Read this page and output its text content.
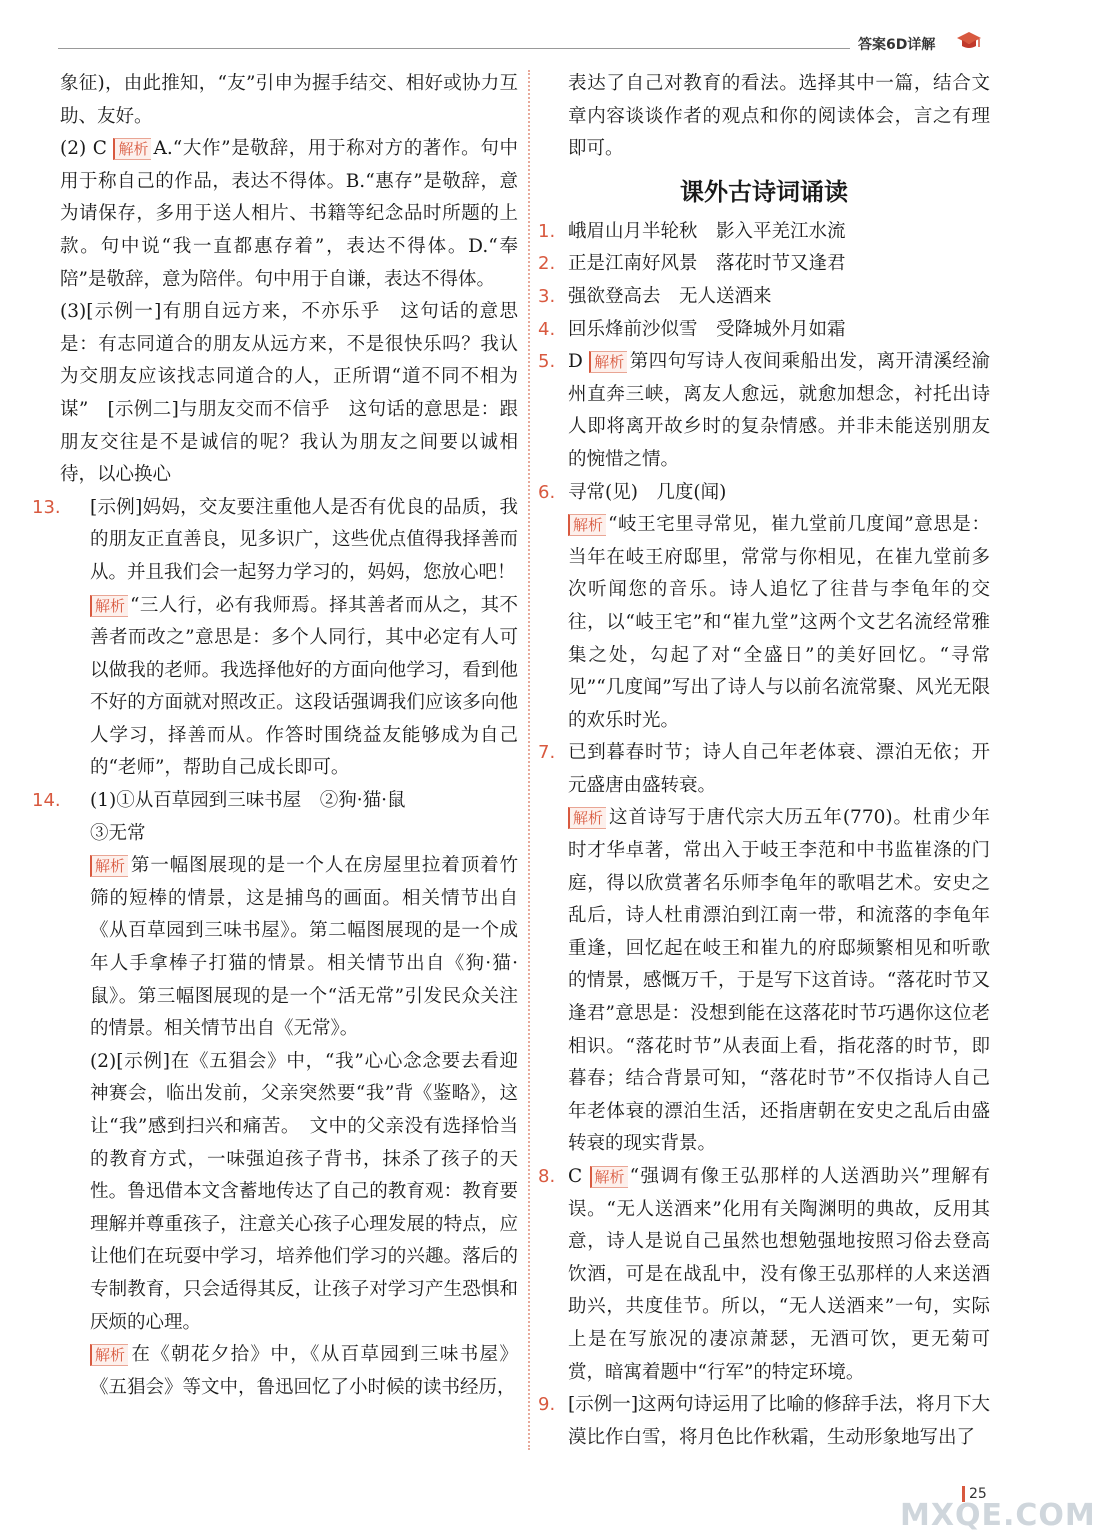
答案6D详解

象征)，由此推知，“友”引申为握手结交、相好或协力互助、友好。

(2) C 解析 A.“大作”是敬辞，用于称对方的著作。句中用于称自己的作品，表达不得体。B.“惠存”是敬辞，意为请保存，多用于送人相片、书籍等纪念品时所题的上款。句中说“我一直都惠存着”，表达不得体。D.“奉陪”是敬辞，意为陪伴。句中用于自谦，表达不得体。

(3)[示例一]有朋自远方来，不亦乐乎　这句话的意思是：有志同道合的朋友从远方来，不是很快乐吗？我认为交朋友应该找志同道合的人，正所谓“道不同不相为谋”　[示例二]与朋友交而不信乎　这句话的意思是：跟朋友交往是不是诚信的呢？我认为朋友之间要以诚相待，以心换心

13. [示例]妈妈，交友要注重他人是否有优良的品质，我的朋友正直善良，见多识广，这些优点值得我择善而从。并且我们会一起努力学习的，妈妈，您放心吧！

解析 “三人行，必有我师焉。择其善者而从之，其不善者而改之”意思是：多个人同行，其中必定有人可以做我的老师。我选择他好的方面向他学习，看到他不好的方面就对照改正。这段话强调我们应该多向他人学习，择善而从。作答时围绕益友能够成为自己的“老师”，帮助自己成长即可。

14. (1)①从百草园到三味书屋　②狗·猫·鼠
③无常

解析 第一幅图展现的是一个人在房屋里拉着顶着竹筛的短棒的情景，这是捕鸟的画面。相关情节出自《从百草园到三味书屋》。第二幅图展现的是一个成年人手拿棒子打猫的情景。相关情节出自《狗·猫·鼠》。第三幅图展现的是一个“活无常”引发民众关注的情景。相关情节出自《无常》。

(2)[示例]在《五猖会》中，“我”心心念念要去看迎神赛会，临出发前，父亲突然要“我”背《鉴略》，这让“我”感到扫兴和痛苦。　文中的父亲没有选择恰当的教育方式，一味强迫孩子背书，抹杀了孩子的天性。鲁迅借本文含蓄地传达了自己的教育观：教育要理解并尊重孩子，注意关心孩子心理发展的特点，应让他们在玩耍中学习，培养他们学习的兴趣。落后的专制教育，只会适得其反，让孩子对学习产生恐惧和厌烦的心理。

解析 在《朝花夕拾》中，《从百草园到三味书屋》《五猖会》等文中，鲁迅回忆了小时候的读书经历，

表达了自己对教育的看法。选择其中一篇，结合文章内容谈谈作者的观点和你的阅读体会，言之有理即可。

课外古诗词诵读
1. 峨眉山月半轮秋　影入平羌江水流
2. 正是江南好风景　落花时节又逢君
3. 强欲登高去　无人送酒来
4. 回乐烽前沙似雪　受降城外月如霜
5. D 解析 第四句写诗人夜间乘船出发，离开清溪经渝州直奔三峡，离友人愈远，就愈加想念，衬托出诗人即将离开故乡时的复杂情感。并非未能送别朋友的惋惜之情。
6. 寻常(见)　几度(闻)

解析 “岐王宅里寻常见，崔九堂前几度闻”意思是：当年在岐王府邸里，常常与你相见，在崔九堂前多次听闻您的音乐。诗人追忆了往昔与李龟年的交往，以“岐王宅”和“崔九堂”这两个文艺名流经常雅集之处，勾起了对“全盛日”的美好回忆。“寻常见”“几度闻”写出了诗人与以前名流常聚、风光无限的欢乐时光。

7. 已到暮春时节；诗人自己年老体衰、漂泊无依；开元盛唐由盛转衰。

解析 这首诗写于唐代宗大历五年(770)。杜甫少年时才华卓著，常出入于岐王李范和中书监崔涤的门庭，得以欣赏著名乐师李龟年的歌唱艺术。安史之乱后，诗人杜甫漂泊到江南一带，和流落的李龟年重逢，回忆起在岐王和崔九的府邸频繁相见和听歌的情景，感慨万千，于是写下这首诗。“落花时节又逢君”意思是：没想到能在这落花时节巧遇你这位老相识。“落花时节”从表面上看，指花落的时节，即暮春；结合背景可知，“落花时节”不仅指诗人自己年老体衰的漂泊生活，还指唐朝在安史之乱后由盛转衰的现实背景。

8. C 解析 “强调有像王弘那样的人送酒助兴”理解有误。“无人送酒来”化用有关陶渊明的典故，反用其意，诗人是说自己虽然也想勉强地按照习俗去登高饮酒，可是在战乱中，没有像王弘那样的人来送酒助兴，共度佳节。所以，“无人送酒来”一句，实际上是在写旅况的凄凉萧瑟，无酒可饮，更无菊可赏，暗寓着题中“行军”的特定环境。
9. [示例一]这两句诗运用了比喻的修辞手法，将月下大漠比作白雪，将月色比作秋霜，生动形象地写出了
25
MXQE.COM
